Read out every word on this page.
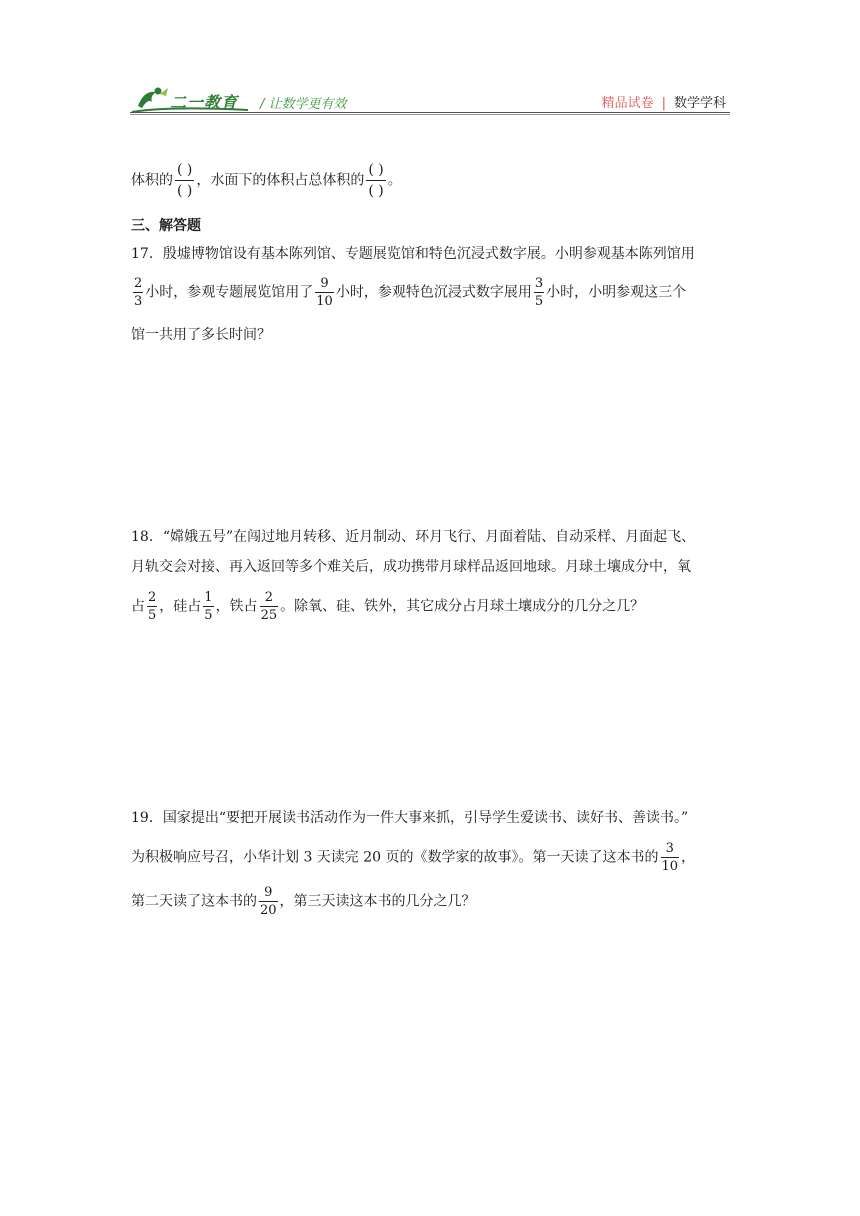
二一教育 / 让数学更有效	精品试卷 | 数学学科
体积的 $\frac{( )}{( )}$ ，水面下的体积占总体积的 $\frac{( )}{( )}$ 。
三、解答题
17．殷墟博物馆设有基本陈列馆、专题展览馆和特色沉浸式数字展。小明参观基本陈列馆用
$\frac{2}{3}$ 小时，参观专题展览馆用了 $\frac{9}{10}$ 小时，参观特色沉浸式数字展用 $\frac{3}{5}$ 小时，小明参观这三个
馆一共用了多长时间？
18．“嫦娥五号”在闯过地月转移、近月制动、环月飞行、月面着陆、自动采样、月面起飞、
月轨交会对接、再入返回等多个难关后，成功携带月球样品返回地球。月球土壤成分中，氧
占 $\frac{2}{5}$ ，硅占 $\frac{1}{5}$ ，铁占 $\frac{2}{25}$ 。除氧、硅、铁外，其它成分占月球土壤成分的几分之几？
19．国家提出“要把开展读书活动作为一件大事来抓，引导学生爱读书、读好书、善读书。”
为积极响应号召，小华计划 3 天读完 20 页的《数学家的故事》。第一天读了这本书的 $\frac{3}{10}$ ，
第二天读了这本书的 $\frac{9}{20}$ ，第三天读这本书的几分之几？
